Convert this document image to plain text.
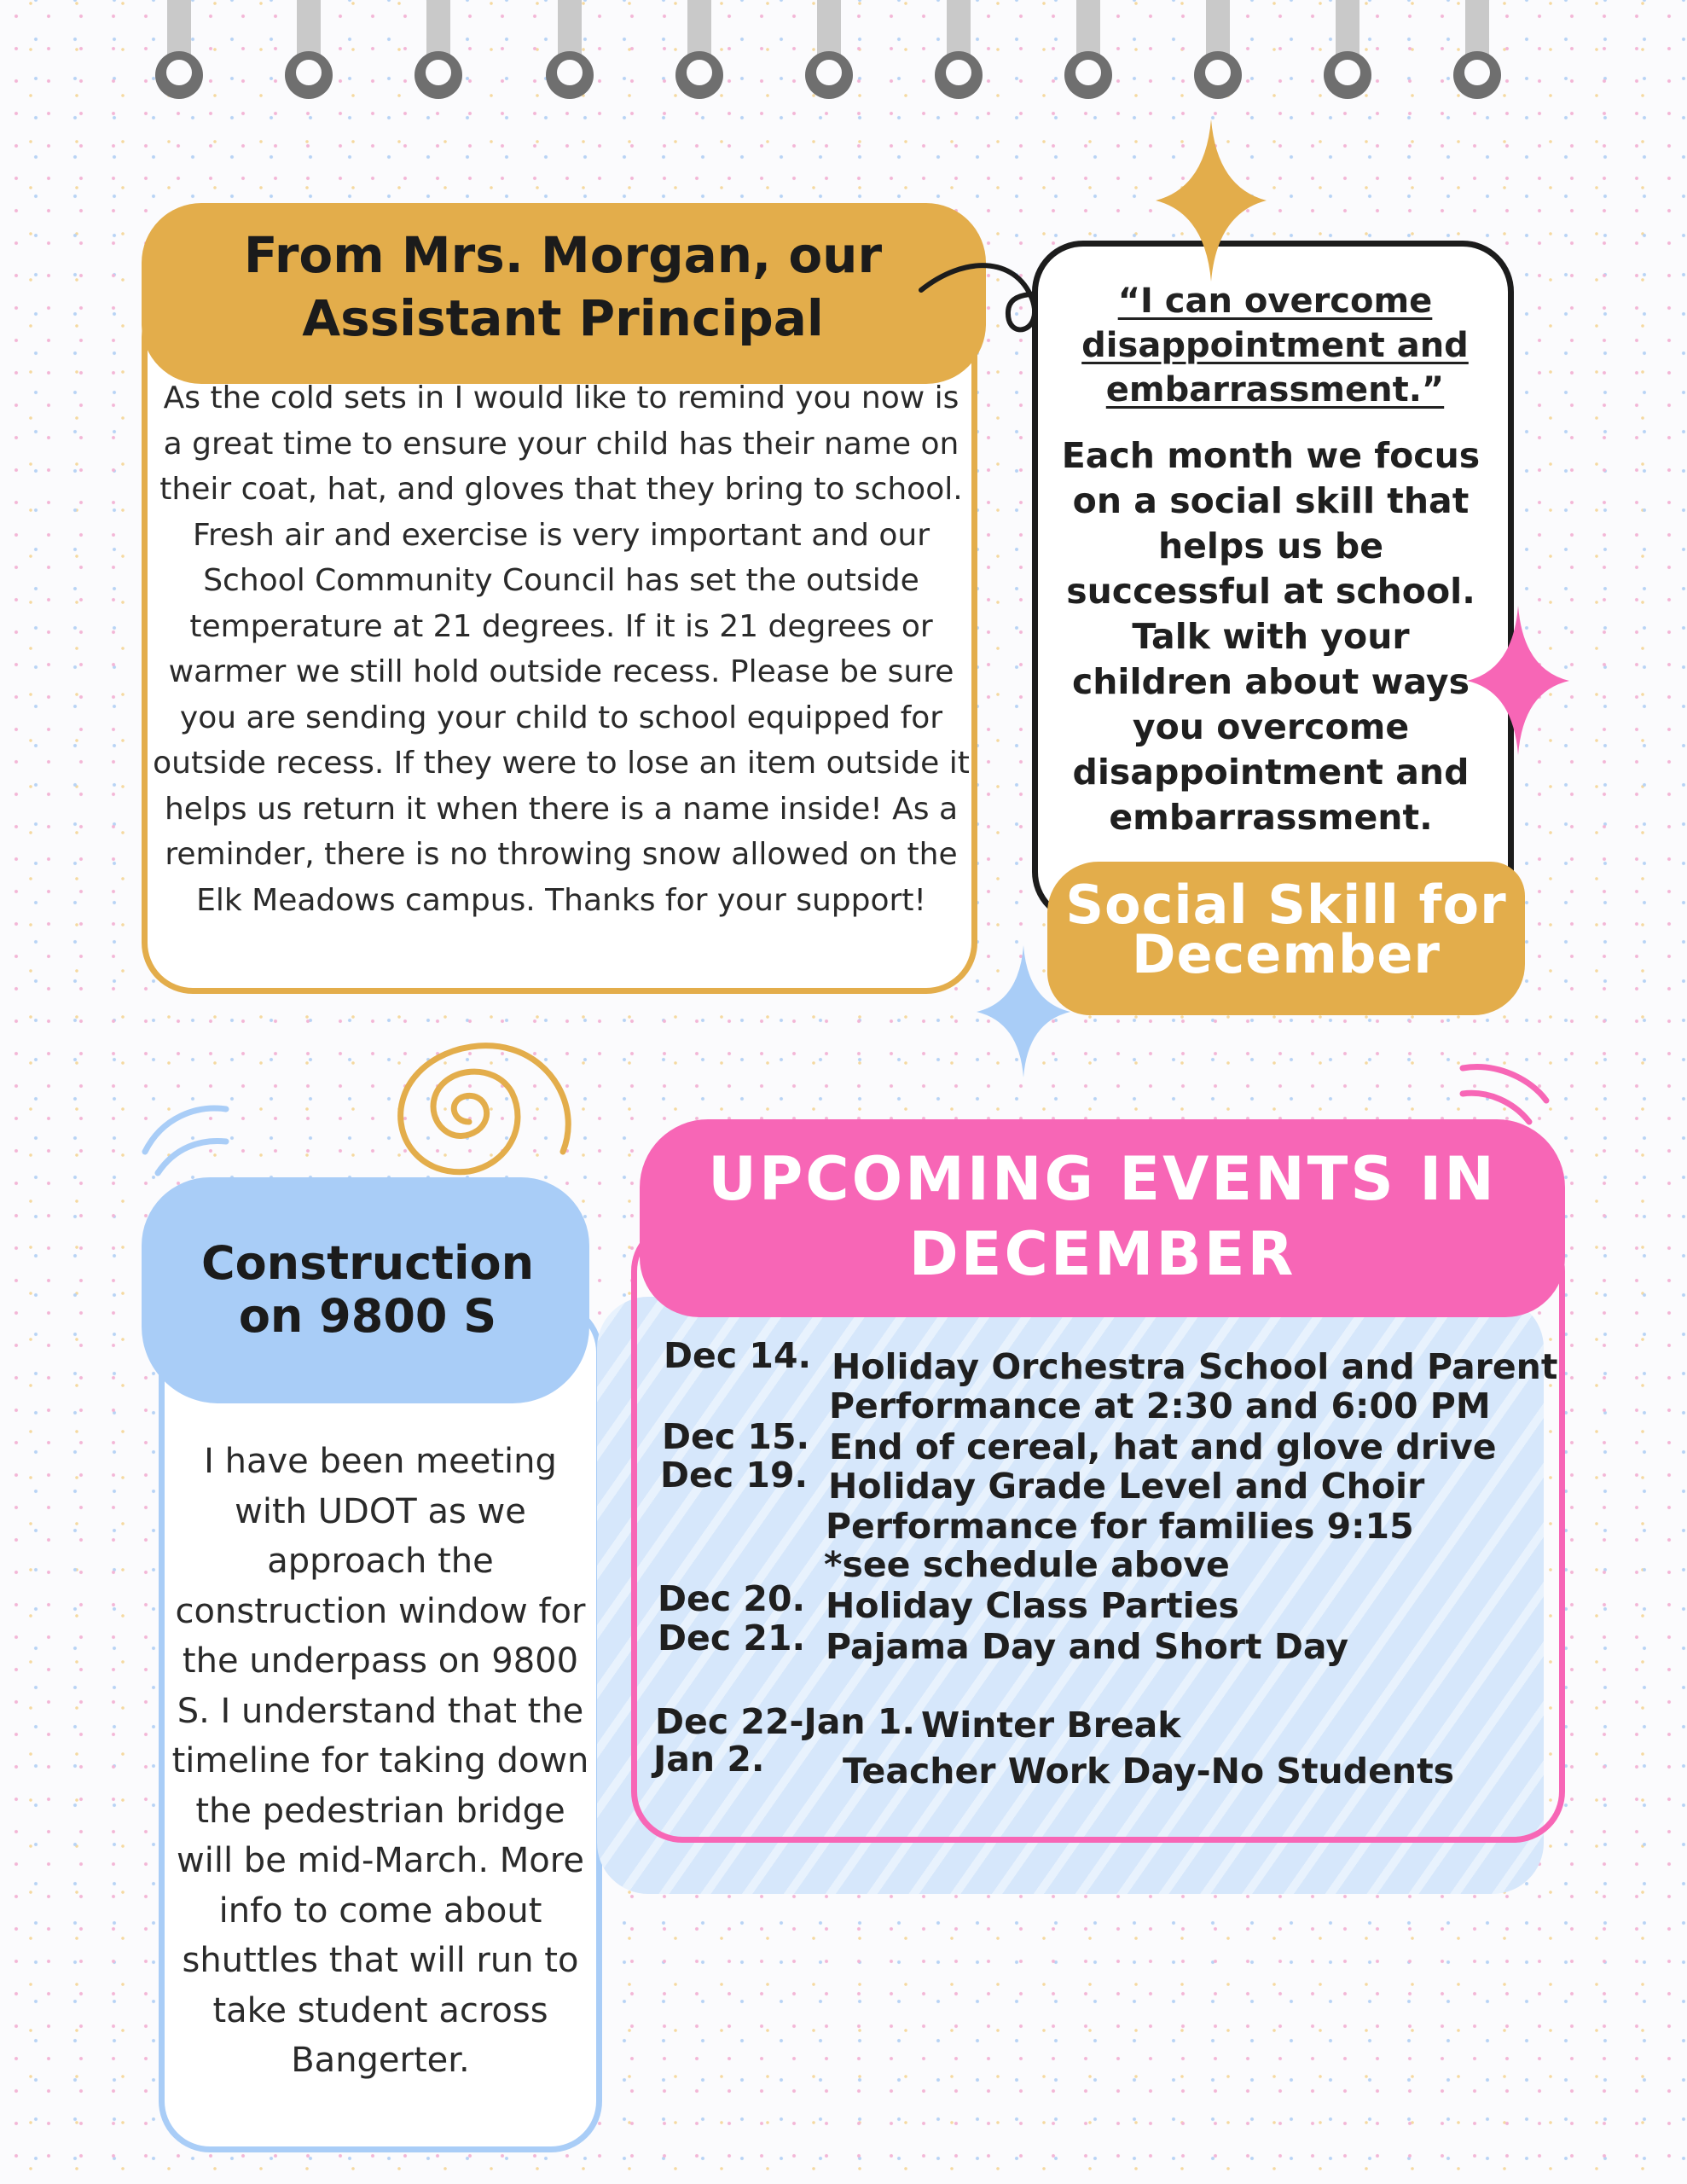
From Mrs. Morgan, our
Assistant Principal
As the cold sets in I would like to remind you now is a great time to ensure your child has their name on their coat, hat, and gloves that they bring to school. Fresh air and exercise is very important and our School Community Council has set the outside temperature at 21 degrees. If it is 21 degrees or warmer we still hold outside recess. Please be sure you are sending your child to school equipped for outside recess. If they were to lose an item outside it helps us return it when there is a name inside! As a reminder, there is no throwing snow allowed on the Elk Meadows campus. Thanks for your support!
“I can overcome disappointment and embarrassment.”
Each month we focus on a social skill that helps us be successful at school. Talk with your children about ways you overcome disappointment and embarrassment.
Social Skill for
December
Construction
on 9800 S
I have been meeting with UDOT as we approach the construction window for the underpass on 9800 S. I understand that the timeline for taking down the pedestrian bridge will be mid-March. More info to come about shuttles that will run to take student across Bangerter.
UPCOMING EVENTS IN
DECEMBER
Dec 14. Holiday Orchestra School and Parent
Performance at 2:30 and 6:00 PM
Dec 15. End of cereal, hat and glove drive
Dec 19. Holiday Grade Level and Choir
Performance for families 9:15
*see schedule above
Dec 20. Holiday Class Parties
Dec 21. Pajama Day and Short Day
Dec 22-Jan 1. Winter Break
Jan 2. Teacher Work Day-No Students
